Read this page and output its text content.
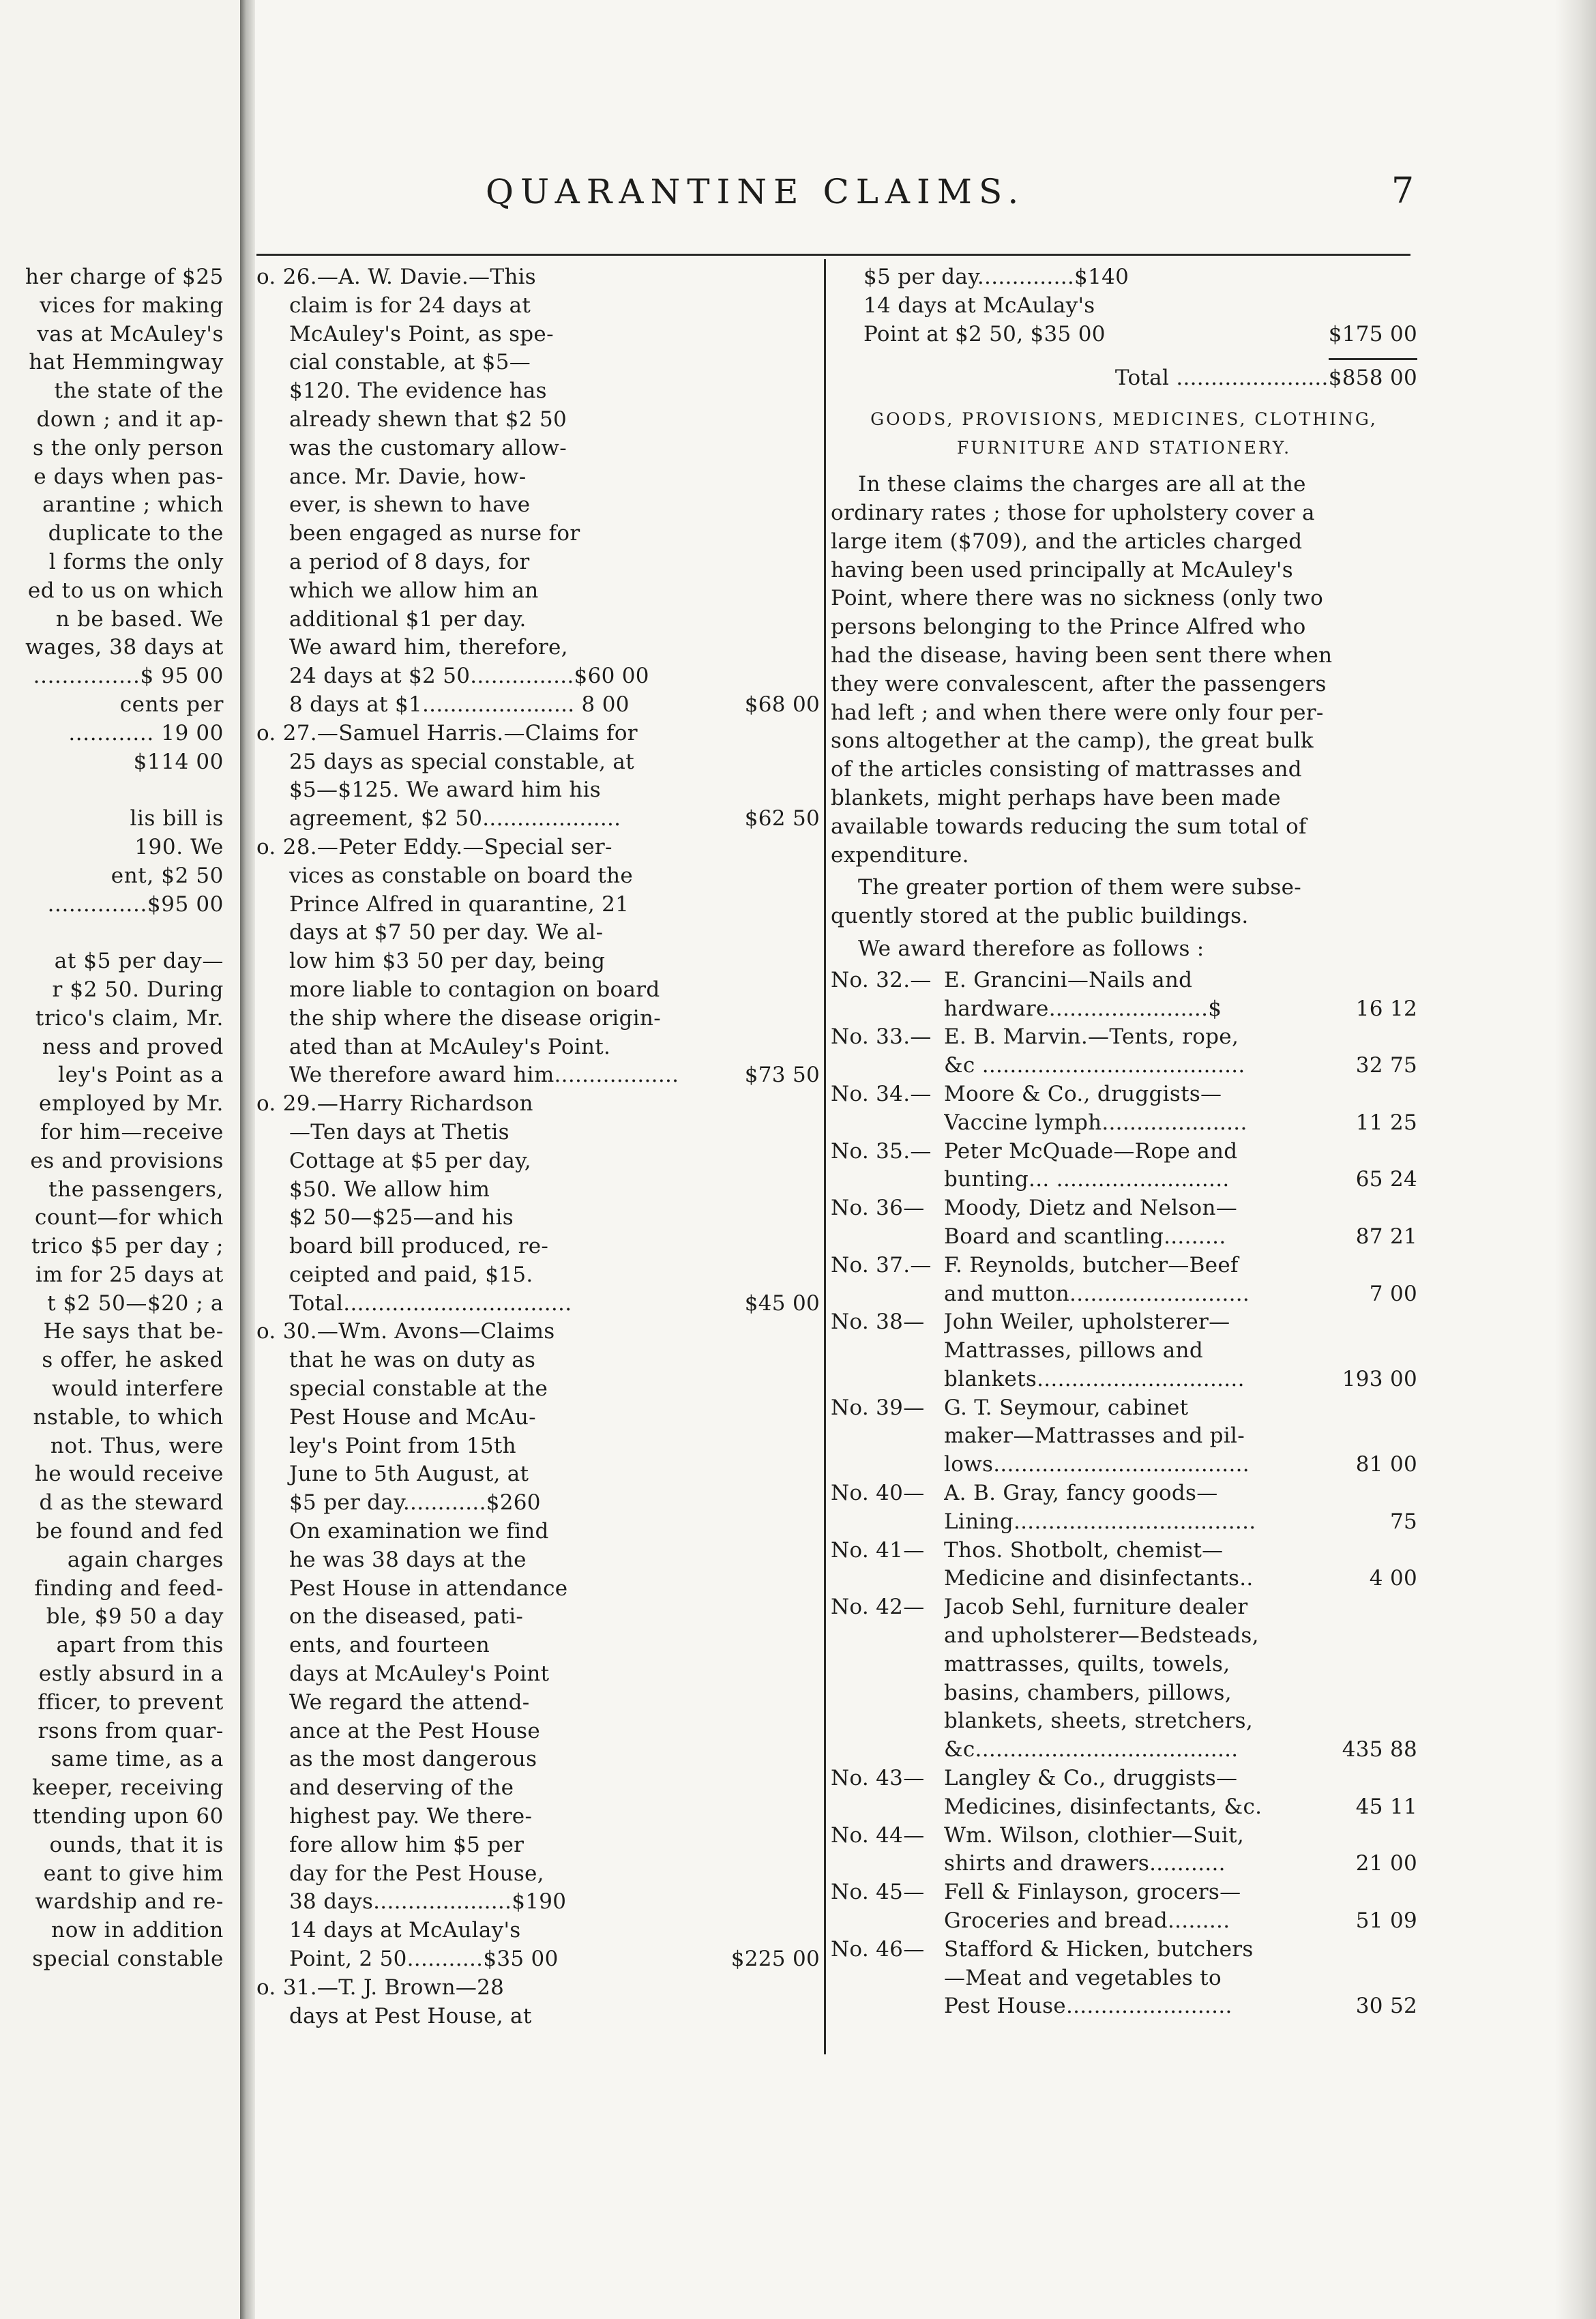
her charge of $25
vices for making
vas at McAuley's
hat Hemmingway
the state of the
down ; and it ap-
s the only person
e days when pas-
arantine ; which
duplicate to the
l forms the only
ed to us on which
n be based. We
wages, 38 days at
...............$ 95 00
cents per
............ 19 00
$114 00
lis bill is
190. We
ent, $2 50
..............$95 00
at $5 per day—
r $2 50. During
trico's claim, Mr.
ness and proved
ley's Point as a
employed by Mr.
for him—receive
es and provisions
the passengers,
count—for which
trico $5 per day ;
im for 25 days at
t $2 50—$20 ; a
He says that be-
s offer, he asked
would interfere
nstable, to which
not. Thus, were
he would receive
d as the steward
be found and fed
again charges
finding and feed-
ble, $9 50 a day
apart from this
estly absurd in a
fficer, to prevent
rsons from quar-
same time, as a
keeper, receiving
ttending upon 60
ounds, that it is
eant to give him
wardship and re-
now in addition
special constable
QUARANTINE CLAIMS.	7
o. 26.—A. W. Davie.—This
claim is for 24 days at
McAuley's Point, as spe-
cial constable, at $5—
$120. The evidence has
already shewn that $2 50
was the customary allow-
ance. Mr. Davie, how-
ever, is shewn to have
been engaged as nurse for
a period of 8 days, for
which we allow him an
additional $1 per day.
We award him, therefore,
24 days at $2 50...............$60 00
8 days at $1...................... 8 00	$68 00
o. 27.—Samuel Harris.—Claims for
25 days as special constable, at
$5—$125. We award him his
agreement, $2 50....................	$62 50
o. 28.—Peter Eddy.—Special ser-
vices as constable on board the
Prince Alfred in quarantine, 21
days at $7 50 per day. We al-
low him $3 50 per day, being
more liable to contagion on board
the ship where the disease origin-
ated than at McAuley's Point.
We therefore award him..................	$73 50
o. 29.—Harry Richardson
—Ten days at Thetis
Cottage at $5 per day,
$50. We allow him
$2 50—$25—and his
board bill produced, re-
ceipted and paid, $15.
Total.................................	$45 00
o. 30.—Wm. Avons—Claims
that he was on duty as
special constable at the
Pest House and McAu-
ley's Point from 15th
June to 5th August, at
$5 per day............$260
On examination we find
he was 38 days at the
Pest House in attendance
on the diseased, pati-
ents, and fourteen
days at McAuley's Point
We regard the attend-
ance at the Pest House
as the most dangerous
and deserving of the
highest pay. We there-
fore allow him $5 per
day for the Pest House,
38 days....................$190
14 days at McAulay's
Point, 2 50...........$35 00	$225 00
o. 31.—T. J. Brown—28
days at Pest House, at
$5 per day..............$140
14 days at McAulay's
Point at $2 50, $35 00	$175 00
Total ......................$858 00
GOODS, PROVISIONS, MEDICINES, CLOTHING,
FURNITURE AND STATIONERY.
In these claims the charges are all at the
ordinary rates ; those for upholstery cover a
large item ($709), and the articles charged
having been used principally at McAuley's
Point, where there was no sickness (only two
persons belonging to the Prince Alfred who
had the disease, having been sent there when
they were convalescent, after the passengers
had left ; and when there were only four per-
sons altogether at the camp), the great bulk
of the articles consisting of mattrasses and
blankets, might perhaps have been made
available towards reducing the sum total of
expenditure.
The greater portion of them were subse-
quently stored at the public buildings.
We award therefore as follows :
No. 32.— E. Grancini—Nails and
hardware.......................$	16 12
No. 33.— E. B. Marvin.—Tents, rope,
&c ......................................	32 75
No. 34.— Moore & Co., druggists—
Vaccine lymph.....................	11 25
No. 35.— Peter McQuade—Rope and
bunting... .........................	65 24
No. 36— Moody, Dietz and Nelson—
Board and scantling.........	87 21
No. 37.— F. Reynolds, butcher—Beef
and mutton..........................	7 00
No. 38— John Weiler, upholsterer—
Mattrasses, pillows and
blankets..............................	193 00
No. 39— G. T. Seymour, cabinet
maker—Mattrasses and pil-
lows.....................................	81 00
No. 40— A. B. Gray, fancy goods—
Lining...................................	75
No. 41— Thos. Shotbolt, chemist—
Medicine and disinfectants..	4 00
No. 42— Jacob Sehl, furniture dealer
and upholsterer—Bedsteads,
mattrasses, quilts, towels,
basins, chambers, pillows,
blankets, sheets, stretchers,
&c......................................	435 88
No. 43— Langley & Co., druggists—
Medicines, disinfectants, &c.	45 11
No. 44— Wm. Wilson, clothier—Suit,
shirts and drawers...........	21 00
No. 45— Fell & Finlayson, grocers—
Groceries and bread.........	51 09
No. 46— Stafford & Hicken, butchers
—Meat and vegetables to
Pest House........................	30 52
